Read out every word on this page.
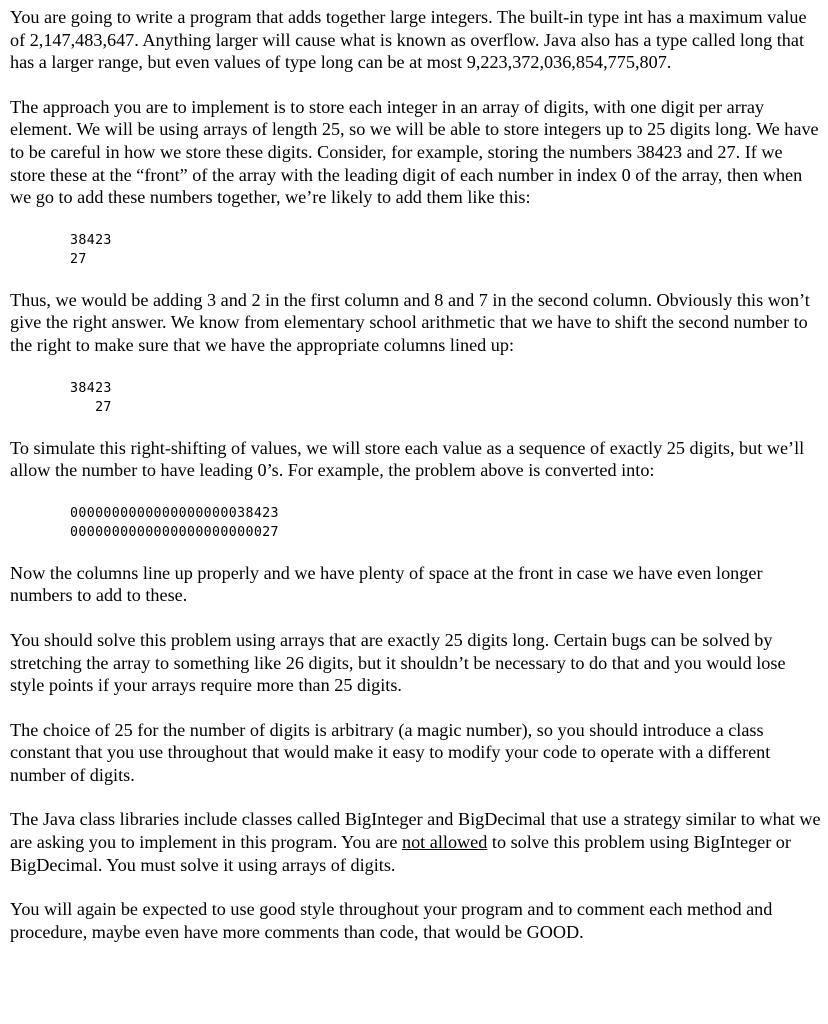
You are going to write a program that adds together large integers. The built-in type int has a maximum value of 2,147,483,647. Anything larger will cause what is known as overflow. Java also has a type called long that has a larger range, but even values of type long can be at most 9,223,372,036,854,775,807.

The approach you are to implement is to store each integer in an array of digits, with one digit per array element. We will be using arrays of length 25, so we will be able to store integers up to 25 digits long. We have to be careful in how we store these digits. Consider, for example, storing the numbers 38423 and 27. If we store these at the “front” of the array with the leading digit of each number in index 0 of the array, then when we go to add these numbers together, we’re likely to add them like this:

38423
27

Thus, we would be adding 3 and 2 in the first column and 8 and 7 in the second column. Obviously this won’t give the right answer. We know from elementary school arithmetic that we have to shift the second number to the right to make sure that we have the appropriate columns lined up:

38423
27

To simulate this right-shifting of values, we will store each value as a sequence of exactly 25 digits, but we’ll allow the number to have leading 0’s. For example, the problem above is converted into:

0000000000000000000038423
0000000000000000000000027

Now the columns line up properly and we have plenty of space at the front in case we have even longer numbers to add to these.

You should solve this problem using arrays that are exactly 25 digits long. Certain bugs can be solved by stretching the array to something like 26 digits, but it shouldn’t be necessary to do that and you would lose style points if your arrays require more than 25 digits.

The choice of 25 for the number of digits is arbitrary (a magic number), so you should introduce a class constant that you use throughout that would make it easy to modify your code to operate with a different number of digits.

The Java class libraries include classes called BigInteger and BigDecimal that use a strategy similar to what we are asking you to implement in this program. You are not allowed to solve this problem using BigInteger or BigDecimal. You must solve it using arrays of digits.

You will again be expected to use good style throughout your program and to comment each method and procedure, maybe even have more comments than code, that would be GOOD.
